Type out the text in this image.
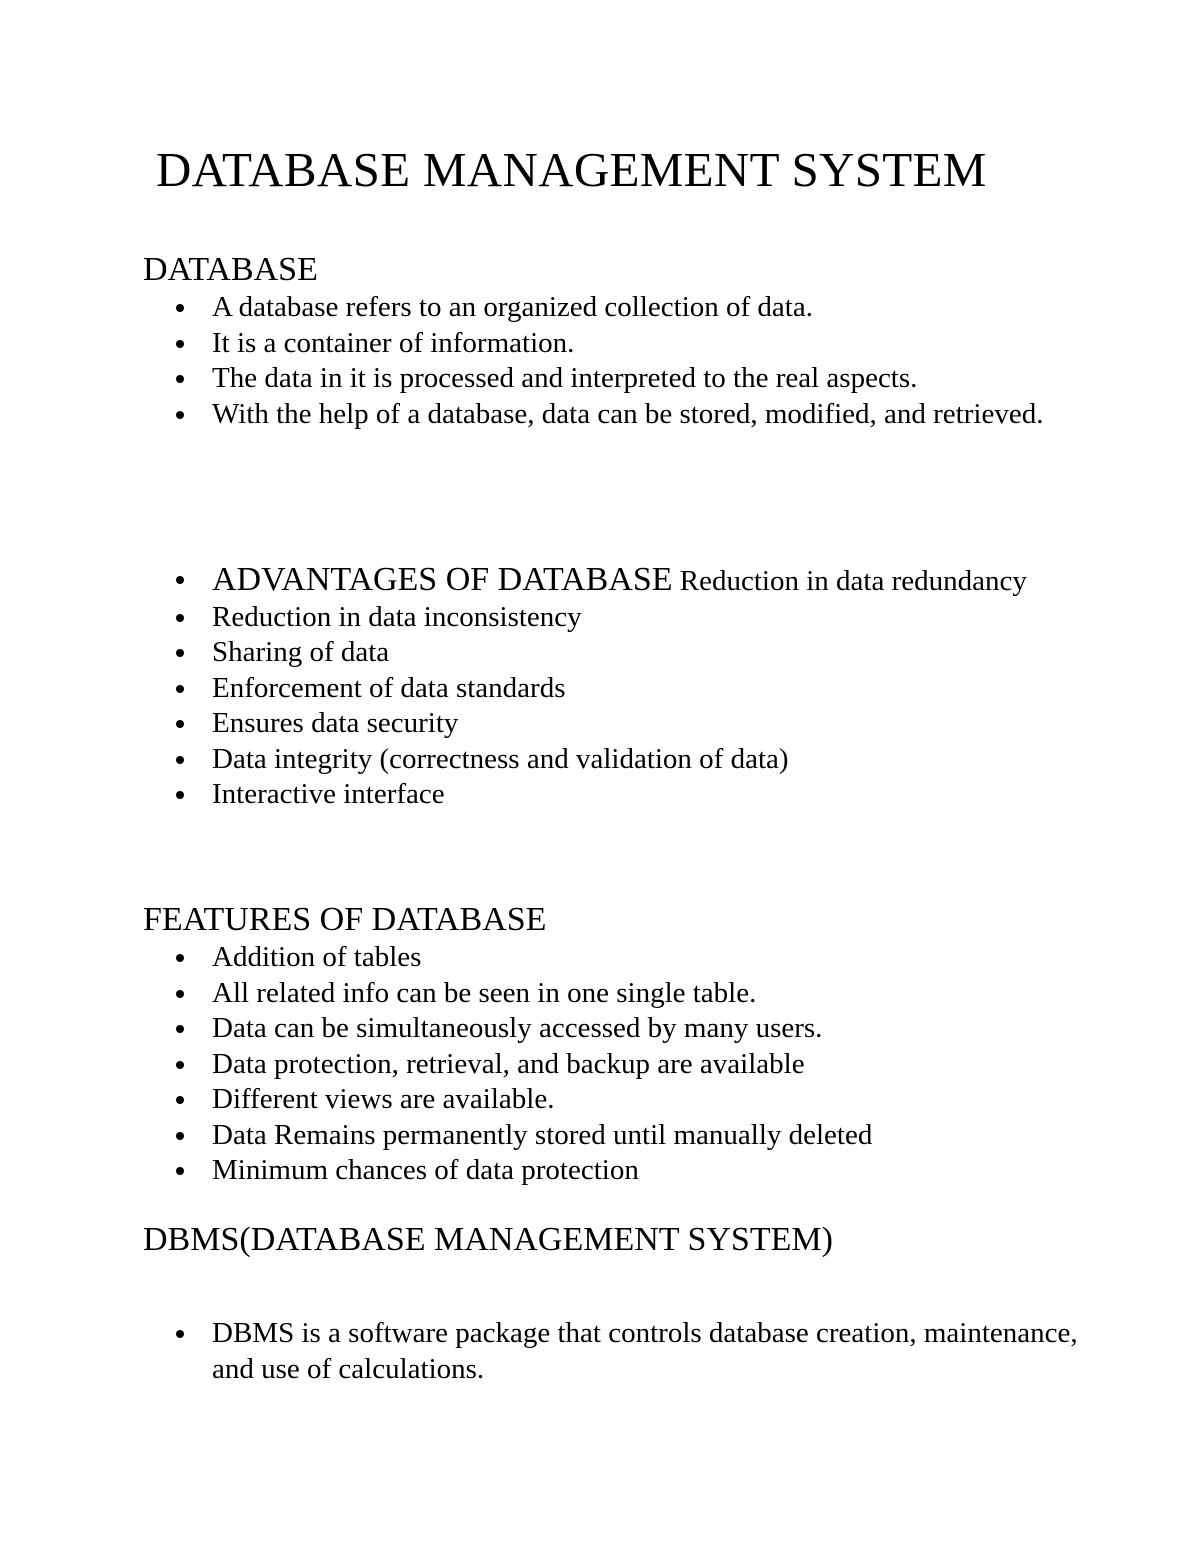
DATABASE MANAGEMENT SYSTEM
DATABASE
A database refers to an organized collection of data.
It is a container of information.
The data in it is processed and interpreted to the real aspects.
With the help of a database, data can be stored, modified, and retrieved.
ADVANTAGES OF DATABASE Reduction in data redundancy
Reduction in data inconsistency
Sharing of data
Enforcement of data standards
Ensures data security
Data integrity (correctness and validation of data)
Interactive interface
FEATURES OF DATABASE
Addition of tables
All related info can be seen in one single table.
Data can be simultaneously accessed by many users.
Data protection, retrieval, and backup are available
Different views are available.
Data Remains permanently stored until manually deleted
Minimum chances of data protection
DBMS(DATABASE MANAGEMENT SYSTEM)
DBMS is a software package that controls database creation, maintenance, and use of calculations.
